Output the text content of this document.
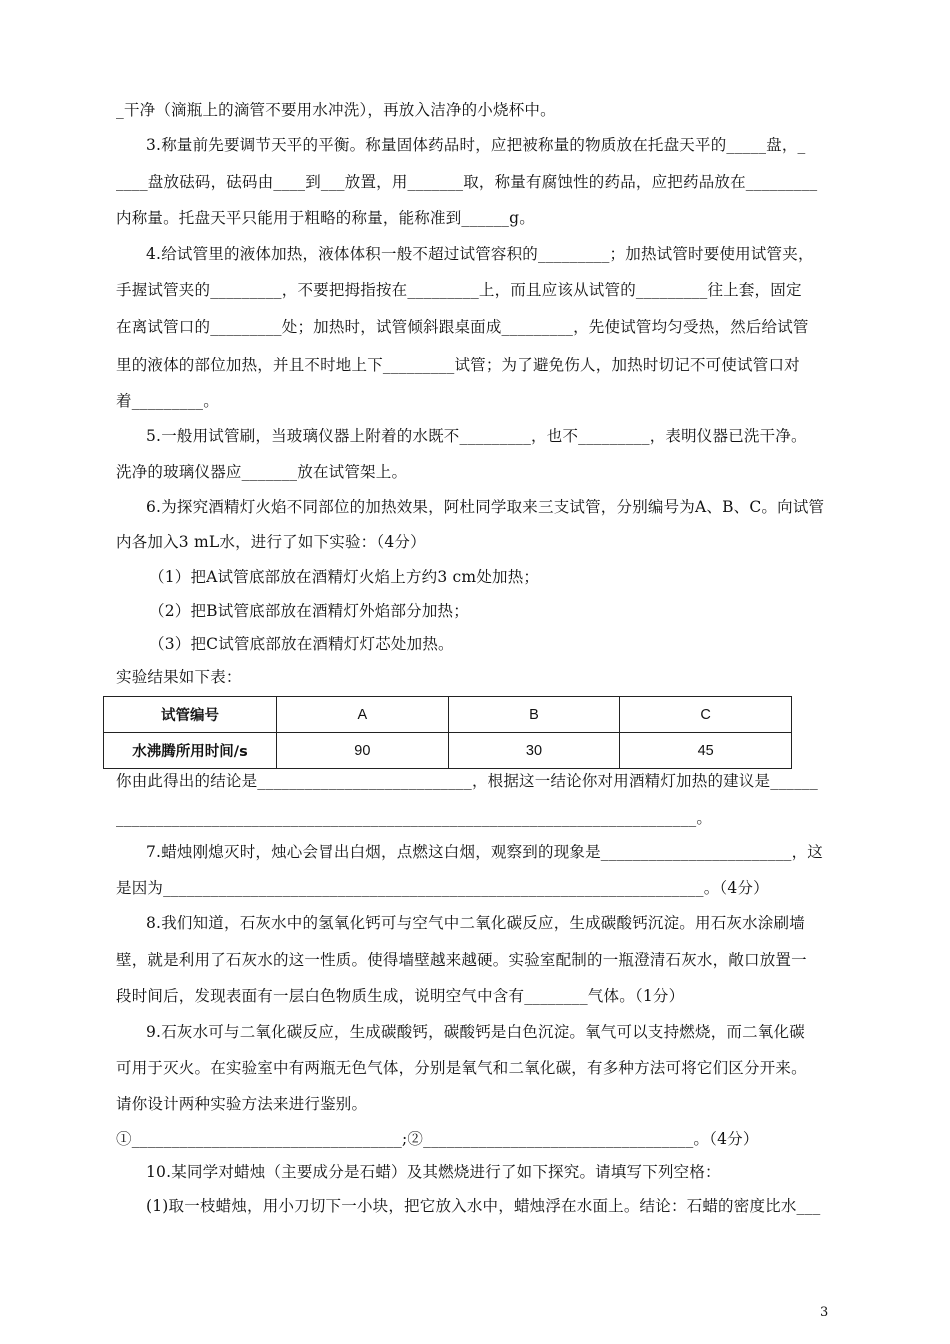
_干净（滴瓶上的滴管不要用水冲洗），再放入洁净的小烧杯中。
3.称量前先要调节天平的平衡。称量固体药品时，应把被称量的物质放在托盘天平的_____盘，_
____盘放砝码，砝码由____到___放置，用_______取，称量有腐蚀性的药品，应把药品放在_________
内称量。托盘天平只能用于粗略的称量，能称准到______g。
4.给试管里的液体加热，液体体积一般不超过试管容积的_________；加热试管时要使用试管夹，
手握试管夹的_________，不要把拇指按在_________上，而且应该从试管的_________往上套，固定
在离试管口的_________处；加热时，试管倾斜跟桌面成_________，先使试管均匀受热，然后给试管
里的液体的部位加热，并且不时地上下_________试管；为了避免伤人，加热时切记不可使试管口对
着_________。
5.一般用试管刷，当玻璃仪器上附着的水既不_________，也不_________，表明仪器已洗干净。
洗净的玻璃仪器应_______放在试管架上。
6.为探究酒精灯火焰不同部位的加热效果，阿杜同学取来三支试管，分别编号为A、B、C。向试管
内各加入3 mL水，进行了如下实验：（4分）
（1）把A试管底部放在酒精灯火焰上方约3 cm处加热；
（2）把B试管底部放在酒精灯外焰部分加热；
（3）把C试管底部放在酒精灯灯芯处加热。
实验结果如下表：
试管编号	A	B	C
水沸腾所用时间/s	90	30	45
你由此得出的结论是___________________________，根据这一结论你对用酒精灯加热的建议是______
_________________________________________________________________________。
7.蜡烛刚熄灭时，烛心会冒出白烟，点燃这白烟，观察到的现象是________________________，这
是因为____________________________________________________________________。（4分）
8.我们知道，石灰水中的氢氧化钙可与空气中二氧化碳反应，生成碳酸钙沉淀。用石灰水涂刷墙
壁，就是利用了石灰水的这一性质。使得墙壁越来越硬。实验室配制的一瓶澄清石灰水，敞口放置一
段时间后，发现表面有一层白色物质生成，说明空气中含有________气体。（1分）
9.石灰水可与二氧化碳反应，生成碳酸钙，碳酸钙是白色沉淀。氧气可以支持燃烧，而二氧化碳
可用于灭火。在实验室中有两瓶无色气体，分别是氧气和二氧化碳，有多种方法可将它们区分开来。
请你设计两种实验方法来进行鉴别。
①__________________________________;②__________________________________。（4分）
10.某同学对蜡烛（主要成分是石蜡）及其燃烧进行了如下探究。请填写下列空格：
(1)取一枝蜡烛，用小刀切下一小块，把它放入水中，蜡烛浮在水面上。结论：石蜡的密度比水___
3
